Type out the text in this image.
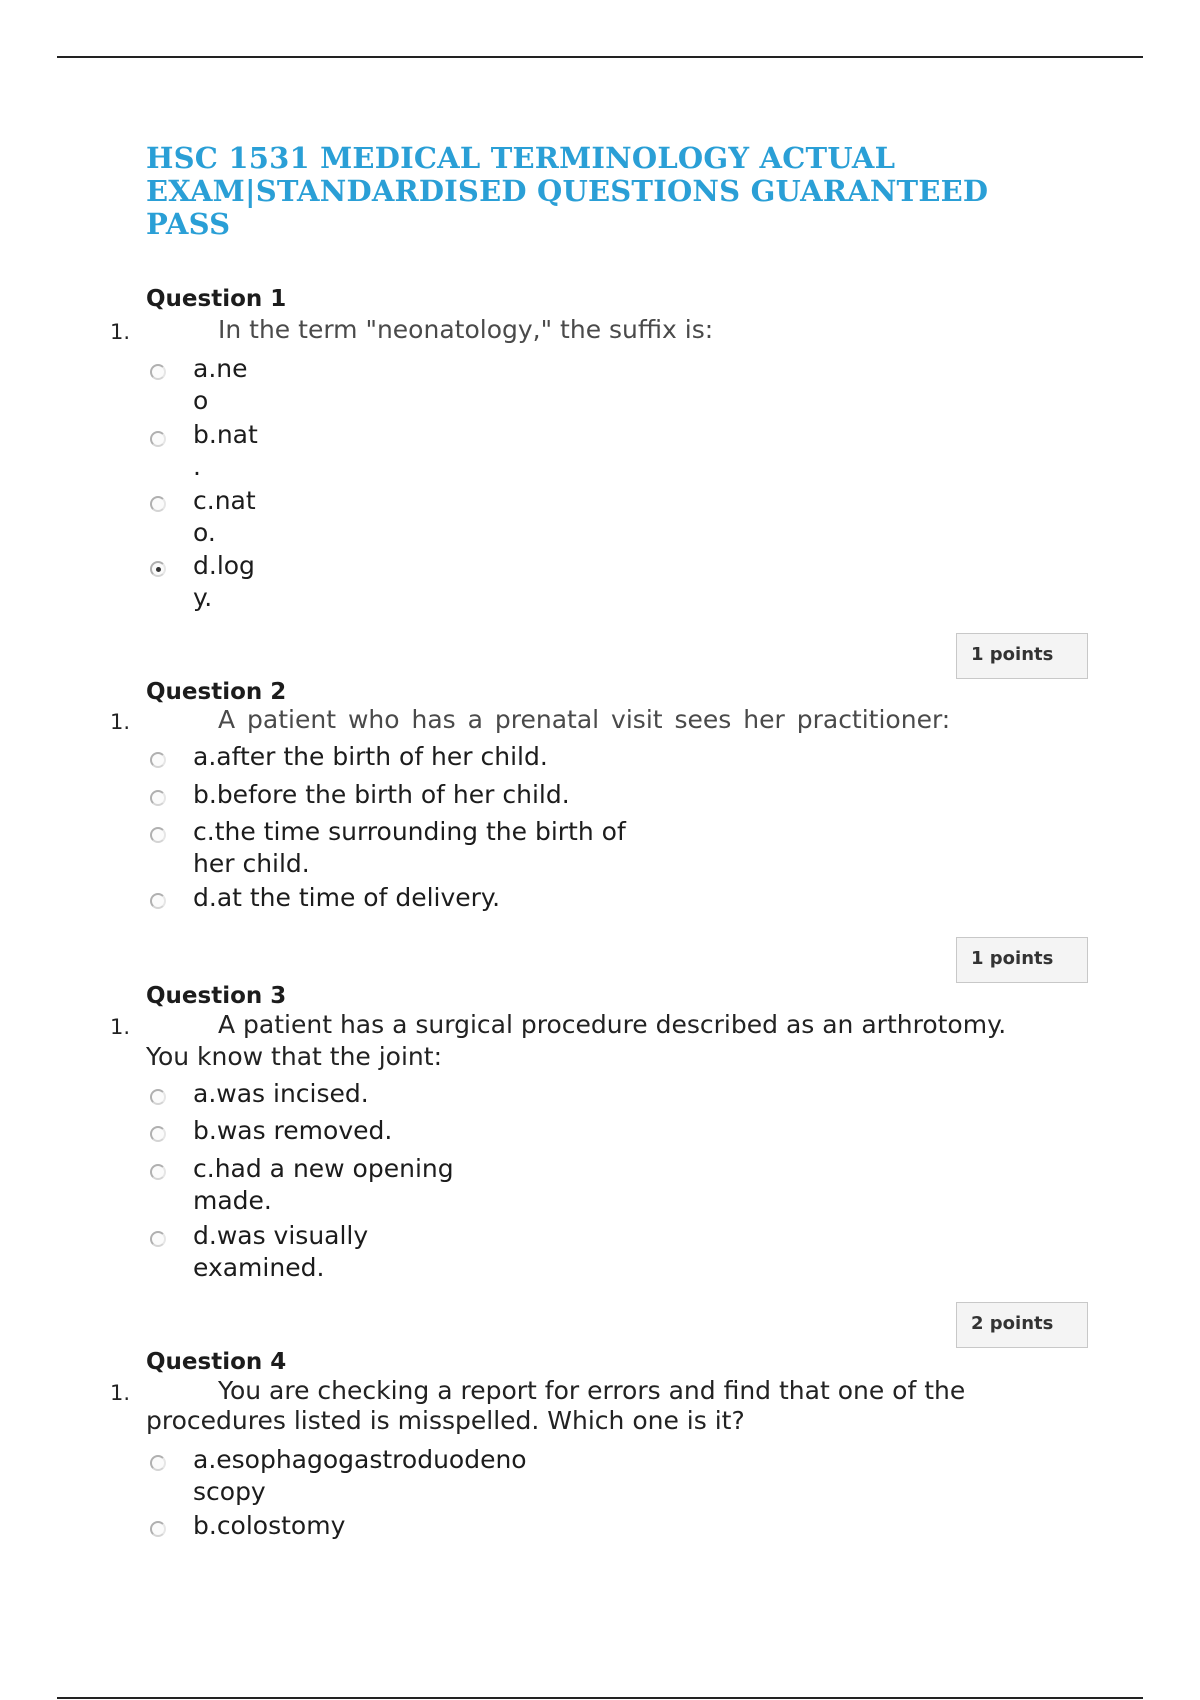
HSC 1531 MEDICAL TERMINOLOGY ACTUAL
EXAM|STANDARDISED QUESTIONS GUARANTEED
PASS
Question 1
1.	In the term "neonatology," the suffix is:
a.ne
o
b.nat
.
c.nat
o.
d.log
y.
1 points
Question 2
1.	A patient who has a prenatal visit sees her practitioner:
a.after the birth of her child.
b.before the birth of her child.
c.the time surrounding the birth of
her child.
d.at the time of delivery.
1 points
Question 3
1.	A patient has a surgical procedure described as an arthrotomy.
You know that the joint:
a.was incised.
b.was removed.
c.had a new opening
made.
d.was visually
examined.
2 points
Question 4
1.	You are checking a report for errors and find that one of the
procedures listed is misspelled. Which one is it?
a.esophagogastroduodeno
scopy
b.colostomy
